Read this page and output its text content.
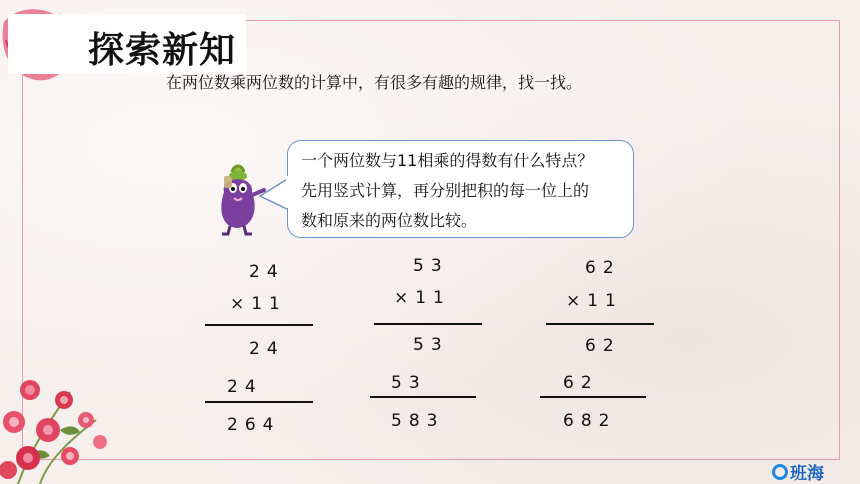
探索新知
在两位数乘两位数的计算中，有很多有趣的规律，找一找。
一个两位数与11相乘的得数有什么特点？
先用竖式计算，再分别把积的每一位上的
数和原来的两位数比较。
24
×11
24
24
264
53
×11
53
53
583
62
×11
62
62
682
班海
